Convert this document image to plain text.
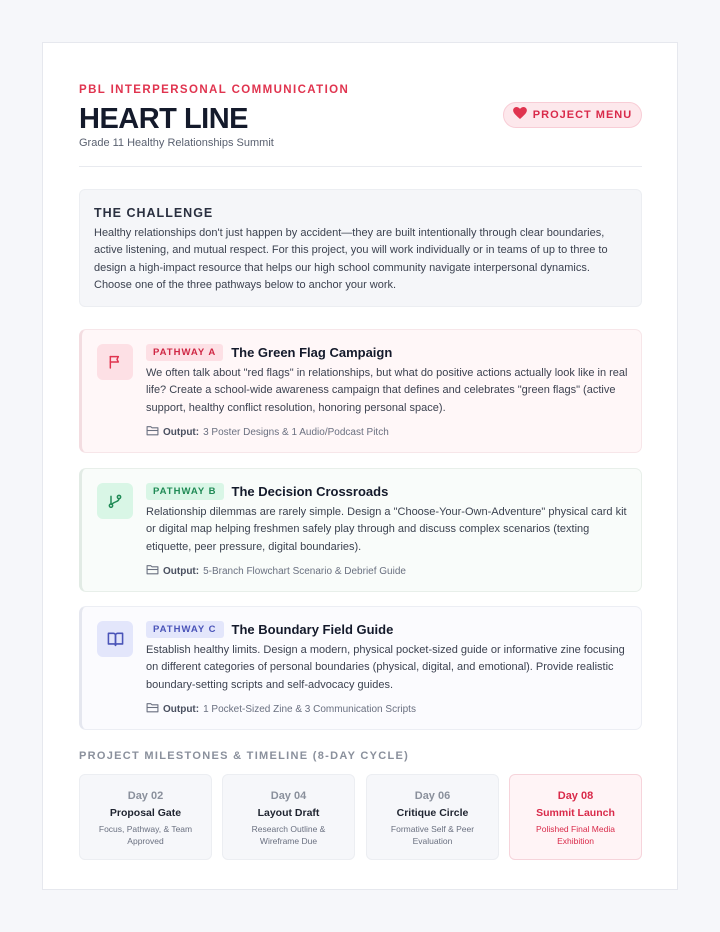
PBL INTERPERSONAL COMMUNICATION
HEART LINE
Grade 11 Healthy Relationships Summit
PROJECT MENU
THE CHALLENGE

Healthy relationships don't just happen by accident—they are built intentionally through clear boundaries, active listening, and mutual respect. For this project, you will work individually or in teams of up to three to design a high-impact resource that helps our high school community navigate interpersonal dynamics. Choose one of the three pathways below to anchor your work.

PATHWAY A	The Green Flag Campaign
We often talk about "red flags" in relationships, but what do positive actions actually look like in real life? Create a school-wide awareness campaign that defines and celebrates "green flags" (active support, healthy conflict resolution, honoring personal space).
Output: 3 Poster Designs & 1 Audio/Podcast Pitch
PATHWAY B	The Decision Crossroads
Relationship dilemmas are rarely simple. Design a "Choose-Your-Own-Adventure" physical card kit or digital map helping freshmen safely play through and discuss complex scenarios (texting etiquette, peer pressure, digital boundaries).
Output: 5-Branch Flowchart Scenario & Debrief Guide
PATHWAY C	The Boundary Field Guide
Establish healthy limits. Design a modern, physical pocket-sized guide or informative zine focusing on different categories of personal boundaries (physical, digital, and emotional). Provide realistic boundary-setting scripts and self-advocacy guides.
Output: 1 Pocket-Sized Zine & 3 Communication Scripts
PROJECT MILESTONES & TIMELINE (8-DAY CYCLE)
Day 02
Proposal Gate
Focus, Pathway, & Team Approved
Day 04
Layout Draft
Research Outline & Wireframe Due
Day 06
Critique Circle
Formative Self & Peer Evaluation
Day 08
Summit Launch
Polished Final Media Exhibition
